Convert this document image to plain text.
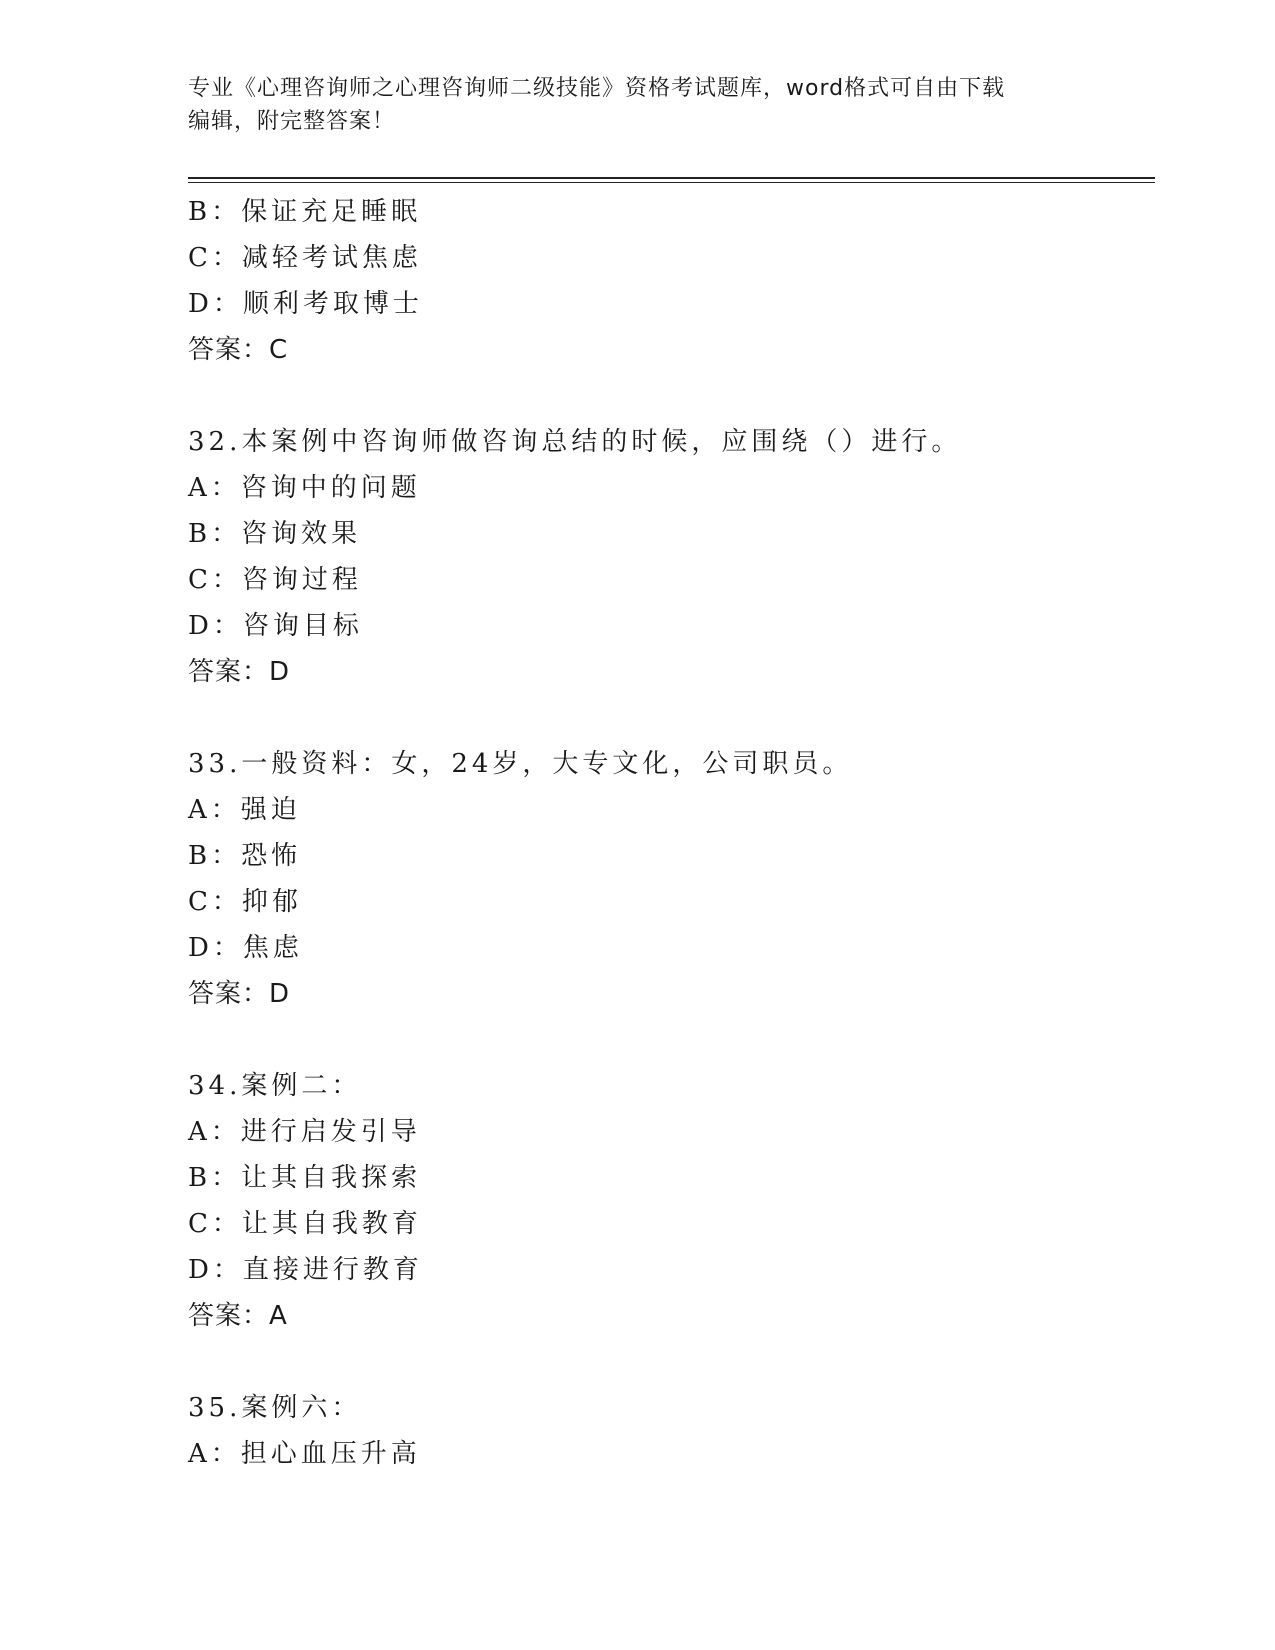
专业《心理咨询师之心理咨询师二级技能》资格考试题库，word格式可自由下载
编辑，附完整答案！
B：保证充足睡眠
C：减轻考试焦虑
D：顺利考取博士
答案：C
32.本案例中咨询师做咨询总结的时候，应围绕（）进行。
A：咨询中的问题
B：咨询效果
C：咨询过程
D：咨询目标
答案：D
33.一般资料：女，24岁，大专文化，公司职员。
A：强迫
B：恐怖
C：抑郁
D：焦虑
答案：D
34.案例二：
A：进行启发引导
B：让其自我探索
C：让其自我教育
D：直接进行教育
答案：A
35.案例六：
A：担心血压升高
